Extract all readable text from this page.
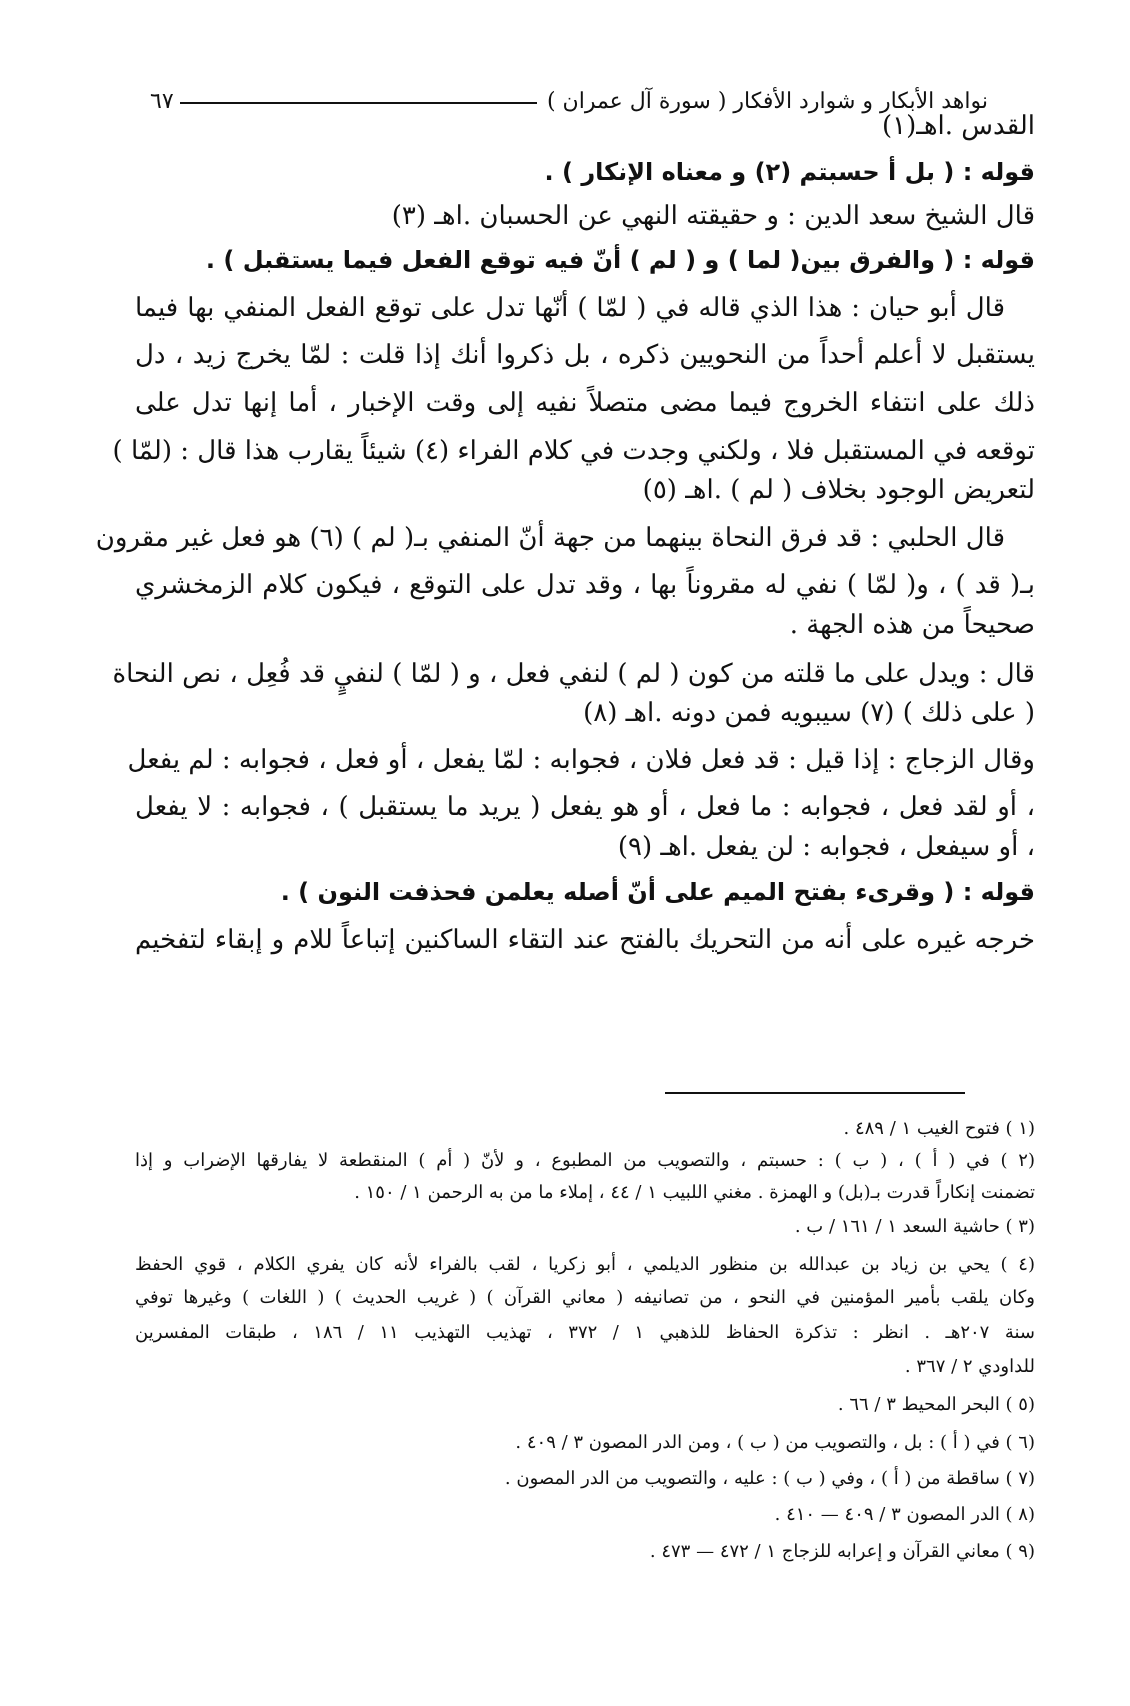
نواهد الأبكار و شوارد الأفكار ( سورة آل عمران )
٦٧
القدس .اهـ(١)
قوله : ( بل أ حسبتم (٢) و معناه الإنكار ) .
قال الشيخ سعد الدين : و حقيقته النهي عن الحسبان .اهـ (٣)
قوله : ( والفرق بين( لما ) و ( لم ) أنّ فيه توقع الفعل فيما يستقبل ) .
قال أبو حيان : هذا الذي قاله في ( لمّا ) أنّها تدل على توقع الفعل المنفي بها فيما
يستقبل لا أعلم أحداً من النحويين ذكره ، بل ذكروا أنك إذا قلت : لمّا يخرج زيد ، دل
ذلك على انتفاء الخروج فيما مضى متصلاً نفيه إلى وقت الإخبار ، أما إنها تدل على
توقعه في المستقبل فلا ، ولكني وجدت في كلام الفراء (٤) شيئاً يقارب هذا قال : (لمّا )
لتعريض الوجود بخلاف ( لم ) .اهـ (٥)
قال الحلبي : قد فرق النحاة بينهما من جهة أنّ المنفي بـ( لم ) (٦) هو فعل غير مقرون
بـ( قد ) ، و( لمّا ) نفي له مقروناً بها ، وقد تدل على التوقع ، فيكون كلام الزمخشري
صحيحاً من هذه الجهة .
قال : ويدل على ما قلته من كون ( لم ) لنفي فعل ، و ( لمّا ) لنفيٍ قد فُعِل ، نص النحاة
( على ذلك ) (٧) سيبويه فمن دونه .اهـ (٨)
وقال الزجاج : إذا قيل : قد فعل فلان ، فجوابه : لمّا يفعل ، أو فعل ، فجوابه : لم يفعل
، أو لقد فعل ، فجوابه : ما فعل ، أو هو يفعل ( يريد ما يستقبل ) ، فجوابه : لا يفعل
، أو سيفعل ، فجوابه : لن يفعل .اهـ (٩)
قوله : ( وقرىء بفتح الميم على أنّ أصله يعلمن فحذفت النون ) .
خرجه غيره على أنه من التحريك بالفتح عند التقاء الساكنين إتباعاً للام و إبقاء لتفخيم
(١ ) فتوح الغيب ١ / ٤٨٩ .
(٢ ) في ( أ ) ، ( ب ) : حسبتم ، والتصويب من المطبوع ، و لأنّ ( أم ) المنقطعة لا يفارقها الإضراب و إذا
تضمنت إنكاراً قدرت بـ(بل) و الهمزة . مغني اللبيب ١ / ٤٤ ، إملاء ما من به الرحمن ١ / ١٥٠ .
(٣ ) حاشية السعد ١ / ١٦١ / ب .
(٤ ) يحي بن زياد بن عبدالله بن منظور الديلمي ، أبو زكريا ، لقب بالفراء لأنه كان يفري الكلام ، قوي الحفظ
وكان يلقب بأمير المؤمنين في النحو ، من تصانيفه ( معاني القرآن ) ( غريب الحديث ) ( اللغات ) وغيرها توفي
سنة ٢٠٧هـ . انظر : تذكرة الحفاظ للذهبي ١ / ٣٧٢ ، تهذيب التهذيب ١١ / ١٨٦ ، طبقات المفسرين
للداودي ٢ / ٣٦٧ .
(٥ ) البحر المحيط ٣ / ٦٦ .
(٦ ) في ( أ ) : بل ، والتصويب من ( ب ) ، ومن الدر المصون ٣ / ٤٠٩ .
(٧ ) ساقطة من ( أ ) ، وفي ( ب ) : عليه ، والتصويب من الدر المصون .
(٨ ) الدر المصون ٣ / ٤٠٩ — ٤١٠ .
(٩ ) معاني القرآن و إعرابه للزجاج ١ / ٤٧٢ — ٤٧٣ .
